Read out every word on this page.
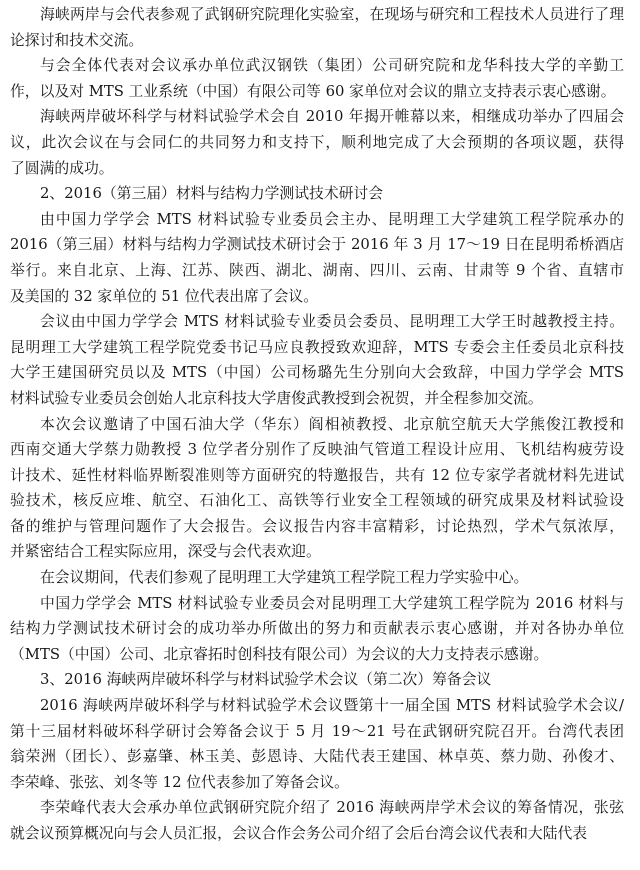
海峡两岸与会代表参观了武钢研究院理化实验室，在现场与研究和工程技术人员进行了理
论探讨和技术交流。
与会全体代表对会议承办单位武汉钢铁（集团）公司研究院和龙华科技大学的辛勤工
作，以及对 MTS 工业系统（中国）有限公司等 60 家单位对会议的鼎立支持表示衷心感谢。
海峡两岸破坏科学与材料试验学术会自 2010 年揭开帷幕以来，相继成功举办了四届会
议，此次会议在与会同仁的共同努力和支持下，顺利地完成了大会预期的各项议题，获得
了圆满的成功。
2、2016（第三届）材料与结构力学测试技术研讨会
由中国力学学会 MTS 材料试验专业委员会主办、昆明理工大学建筑工程学院承办的
2016（第三届）材料与结构力学测试技术研讨会于 2016 年 3 月 17～19 日在昆明希桥酒店
举行。来自北京、上海、江苏、陕西、湖北、湖南、四川、云南、甘肃等 9 个省、直辖市
及美国的 32 家单位的 51 位代表出席了会议。
会议由中国力学学会 MTS 材料试验专业委员会委员、昆明理工大学王时越教授主持。
昆明理工大学建筑工程学院党委书记马应良教授致欢迎辞，MTS 专委会主任委员北京科技
大学王建国研究员以及 MTS（中国）公司杨璐先生分别向大会致辞，中国力学学会 MTS
材料试验专业委员会创始人北京科技大学唐俊武教授到会祝贺，并全程参加交流。
本次会议邀请了中国石油大学（华东）阎相祯教授、北京航空航天大学熊俊江教授和
西南交通大学蔡力勋教授 3 位学者分别作了反映油气管道工程设计应用、飞机结构疲劳设
计技术、延性材料临界断裂准则等方面研究的特邀报告，共有 12 位专家学者就材料先进试
验技术，核反应堆、航空、石油化工、高铁等行业安全工程领域的研究成果及材料试验设
备的维护与管理问题作了大会报告。会议报告内容丰富精彩，讨论热烈，学术气氛浓厚，
并紧密结合工程实际应用，深受与会代表欢迎。
在会议期间，代表们参观了昆明理工大学建筑工程学院工程力学实验中心。
中国力学学会 MTS 材料试验专业委员会对昆明理工大学建筑工程学院为 2016 材料与
结构力学测试技术研讨会的成功举办所做出的努力和贡献表示衷心感谢，并对各协办单位
（MTS（中国）公司、北京睿拓时创科技有限公司）为会议的大力支持表示感谢。
3、2016 海峡两岸破坏科学与材料试验学术会议（第二次）筹备会议
2016 海峡两岸破坏科学与材料试验学术会议暨第十一届全国 MTS 材料试验学术会议/
第十三届材料破坏科学研讨会筹备会议于 5 月 19～21 号在武钢研究院召开。台湾代表团
翁荣洲（团长）、彭嘉肇、林玉美、彭恩诗、大陆代表王建国、林卓英、蔡力勋、孙俊才、
李荣峰、张弦、刘冬等 12 位代表参加了筹备会议。
李荣峰代表大会承办单位武钢研究院介绍了 2016 海峡两岸学术会议的筹备情况，张弦
就会议预算概况向与会人员汇报，会议合作会务公司介绍了会后台湾会议代表和大陆代表
